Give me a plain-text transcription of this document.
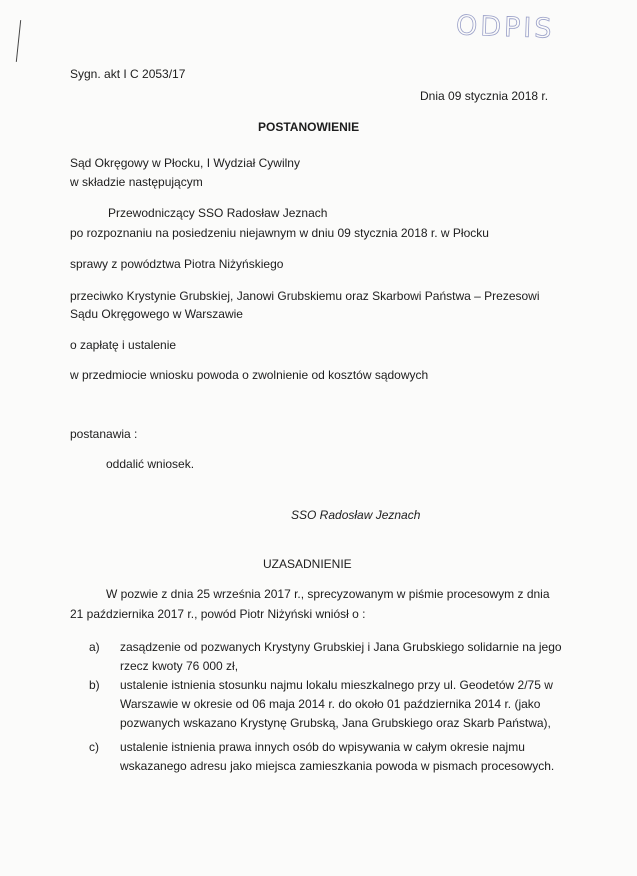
ODPIS
Sygn. akt I C 2053/17
Dnia 09 stycznia 2018 r.
POSTANOWIENIE
Sąd Okręgowy w Płocku, I Wydział Cywilny
w składzie następującym
Przewodniczący SSO Radosław Jeznach
po rozpoznaniu na posiedzeniu niejawnym w dniu 09 stycznia 2018 r. w Płocku
sprawy z powództwa Piotra Niżyńskiego
przeciwko Krystynie Grubskiej, Janowi Grubskiemu oraz Skarbowi Państwa – Prezesowi
Sądu Okręgowego w Warszawie
o zapłatę i ustalenie
w przedmiocie wniosku powoda o zwolnienie od kosztów sądowych
postanawia :
oddalić wniosek.
SSO Radosław Jeznach
UZASADNIENIE
W pozwie z dnia 25 września 2017 r., sprecyzowanym w piśmie procesowym z dnia
21 października 2017 r., powód Piotr Niżyński wniósł o :
a) zasądzenie od pozwanych Krystyny Grubskiej i Jana Grubskiego solidarnie na jego
rzecz kwoty 76 000 zł,
b) ustalenie istnienia stosunku najmu lokalu mieszkalnego przy ul. Geodetów 2/75 w
Warszawie w okresie od 06 maja 2014 r. do około 01 października 2014 r. (jako
pozwanych wskazano Krystynę Grubską, Jana Grubskiego oraz Skarb Państwa),
c) ustalenie istnienia prawa innych osób do wpisywania w całym okresie najmu
wskazanego adresu jako miejsca zamieszkania powoda w pismach procesowych.
